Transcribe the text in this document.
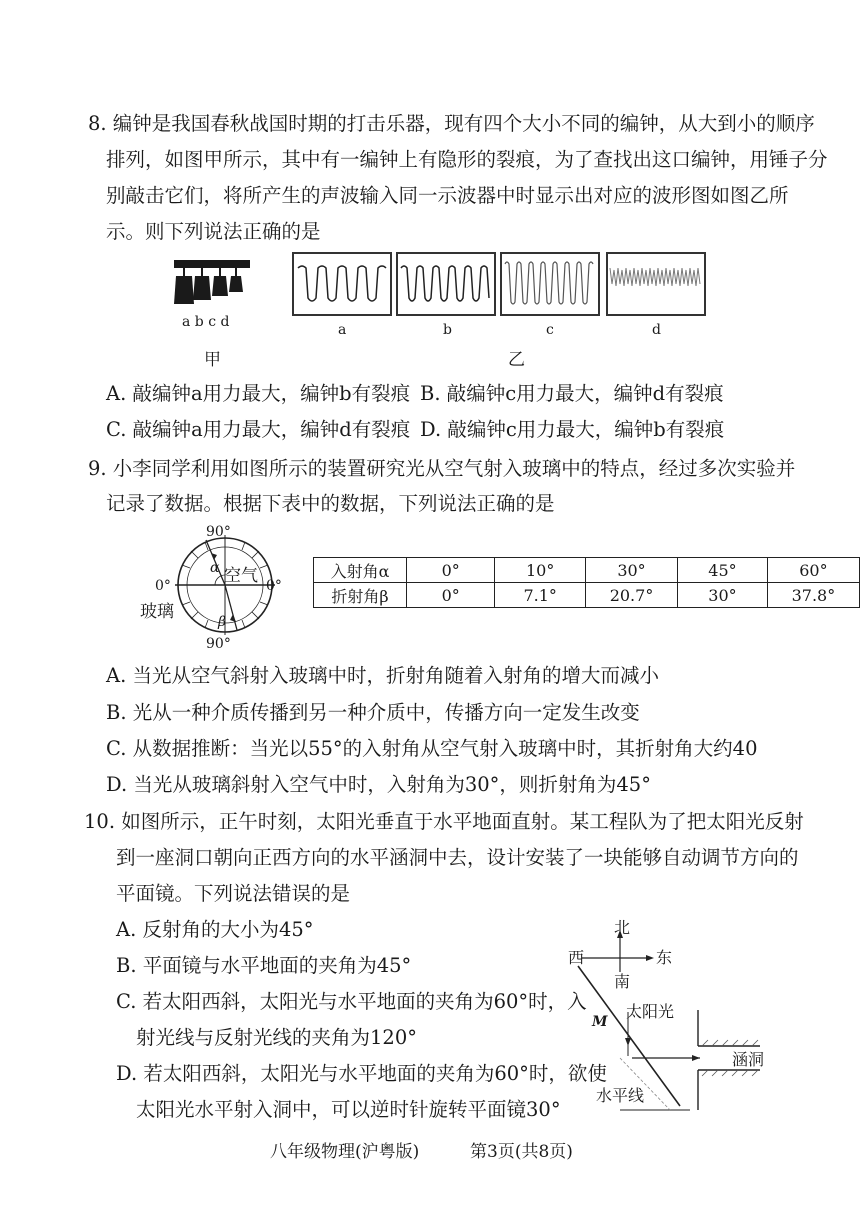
8. 编钟是我国春秋战国时期的打击乐器，现有四个大小不同的编钟，从大到小的顺序
排列，如图甲所示，其中有一编钟上有隐形的裂痕，为了查找出这口编钟，用锤子分
别敲击它们，将所产生的声波输入同一示波器中时显示出对应的波形图如图乙所
示。则下列说法正确的是
a b c d
甲
a	b	c	d
乙
A. 敲编钟a用力最大，编钟b有裂痕 B. 敲编钟c用力最大，编钟d有裂痕
C. 敲编钟a用力最大，编钟d有裂痕 D. 敲编钟c用力最大，编钟b有裂痕
9. 小李同学利用如图所示的装置研究光从空气射入玻璃中的特点，经过多次实验并
记录了数据。根据下表中的数据，下列说法正确的是
90°
90°
0°	0°
空气
玻璃
α
β
入射角α	0°	10°	30°	45°	60°
折射角β	0°	7.1°	20.7°	30°	37.8°
A. 当光从空气斜射入玻璃中时，折射角随着入射角的增大而减小
B. 光从一种介质传播到另一种介质中，传播方向一定发生改变
C. 从数据推断：当光以55°的入射角从空气射入玻璃中时，其折射角大约40
D. 当光从玻璃斜射入空气中时，入射角为30°，则折射角为45°
10. 如图所示，正午时刻，太阳光垂直于水平地面直射。某工程队为了把太阳光反射
到一座洞口朝向正西方向的水平涵洞中去，设计安装了一块能够自动调节方向的
平面镜。下列说法错误的是
A. 反射角的大小为45°
B. 平面镜与水平地面的夹角为45°
C. 若太阳西斜，太阳光与水平地面的夹角为60°时，入
射光线与反射光线的夹角为120°
D. 若太阳西斜，太阳光与水平地面的夹角为60°时，欲使
太阳光水平射入洞中，可以逆时针旋转平面镜30°
北
南
西	东
M
太阳光
涵洞
水平线
八年级物理(沪粤版)	第3页(共8页)
